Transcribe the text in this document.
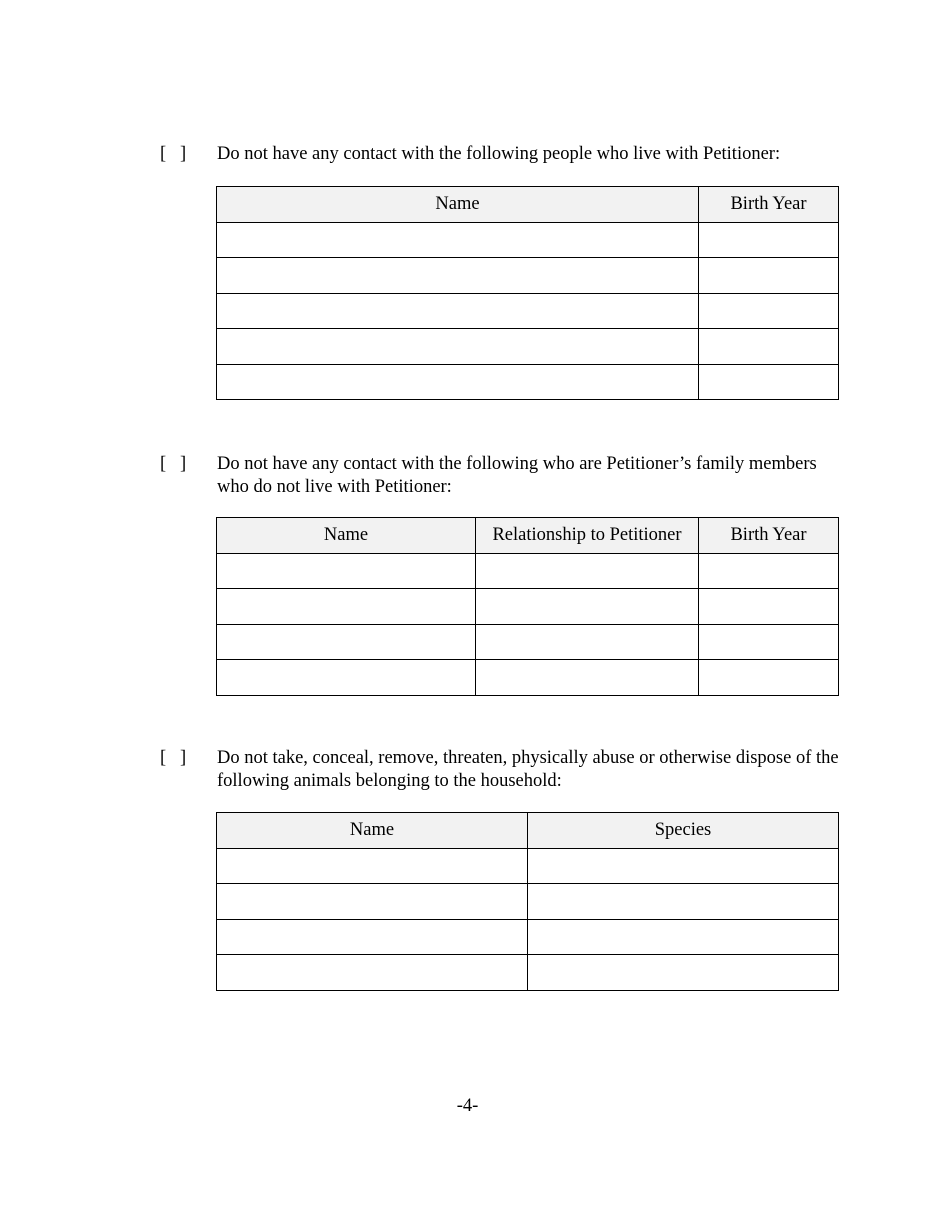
[   ]	Do not have any contact with the following people who live with Petitioner:
Name	Birth Year

[   ]	Do not have any contact with the following who are Petitioner’s family members who do not live with Petitioner:
Name	Relationship to Petitioner	Birth Year

[   ]	Do not take, conceal, remove, threaten, physically abuse or otherwise dispose of the following animals belonging to the household:
Name	Species

-4-
